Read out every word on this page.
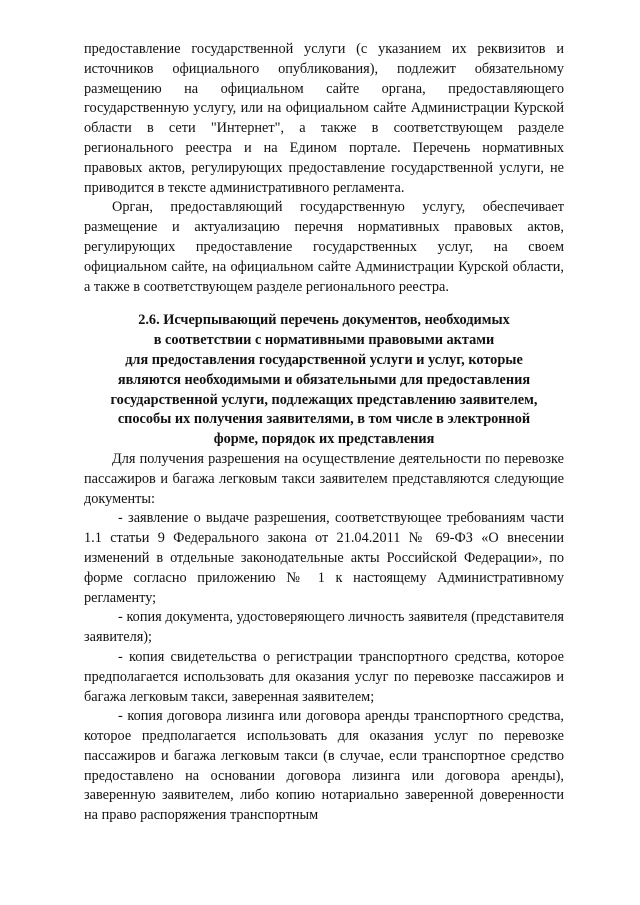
предоставление государственной услуги (с указанием их реквизитов и источников официального опубликования), подлежит обязательному размещению на официальном сайте органа, предоставляющего государственную услугу, или на официальном сайте Администрации Курской области в сети "Интернет", а также в соответствующем разделе регионального реестра и на Едином портале. Перечень нормативных правовых актов, регулирующих предоставление государственной услуги, не приводится в тексте административного регламента.

Орган, предоставляющий государственную услугу, обеспечивает размещение и актуализацию перечня нормативных правовых актов, регулирующих предоставление государственных услуг, на своем официальном сайте, на официальном сайте Администрации Курской области, а также в соответствующем разделе регионального реестра.

2.6. Исчерпывающий перечень документов, необходимых
в соответствии с нормативными правовыми актами
для предоставления государственной услуги и услуг, которые
являются необходимыми и обязательными для предоставления
государственной услуги, подлежащих представлению заявителем,
способы их получения заявителями, в том числе в электронной
форме, порядок их представления

Для получения разрешения на осуществление деятельности по перевозке пассажиров и багажа легковым такси заявителем представляются следующие документы:

- заявление о выдаче разрешения, соответствующее требованиям части 1.1 статьи 9 Федерального закона от 21.04.2011 № 69-ФЗ «О внесении изменений в отдельные законодательные акты Российской Федерации», по форме согласно приложению № 1 к настоящему Административному регламенту;

- копия документа, удостоверяющего личность заявителя (представителя заявителя);

- копия свидетельства о регистрации транспортного средства, которое предполагается использовать для оказания услуг по перевозке пассажиров и багажа легковым такси, заверенная заявителем;

- копия договора лизинга или договора аренды транспортного средства, которое предполагается использовать для оказания услуг по перевозке пассажиров и багажа легковым такси (в случае, если транспортное средство предоставлено на основании договора лизинга или договора аренды), заверенную заявителем, либо копию нотариально заверенной доверенности на право распоряжения транспортным
